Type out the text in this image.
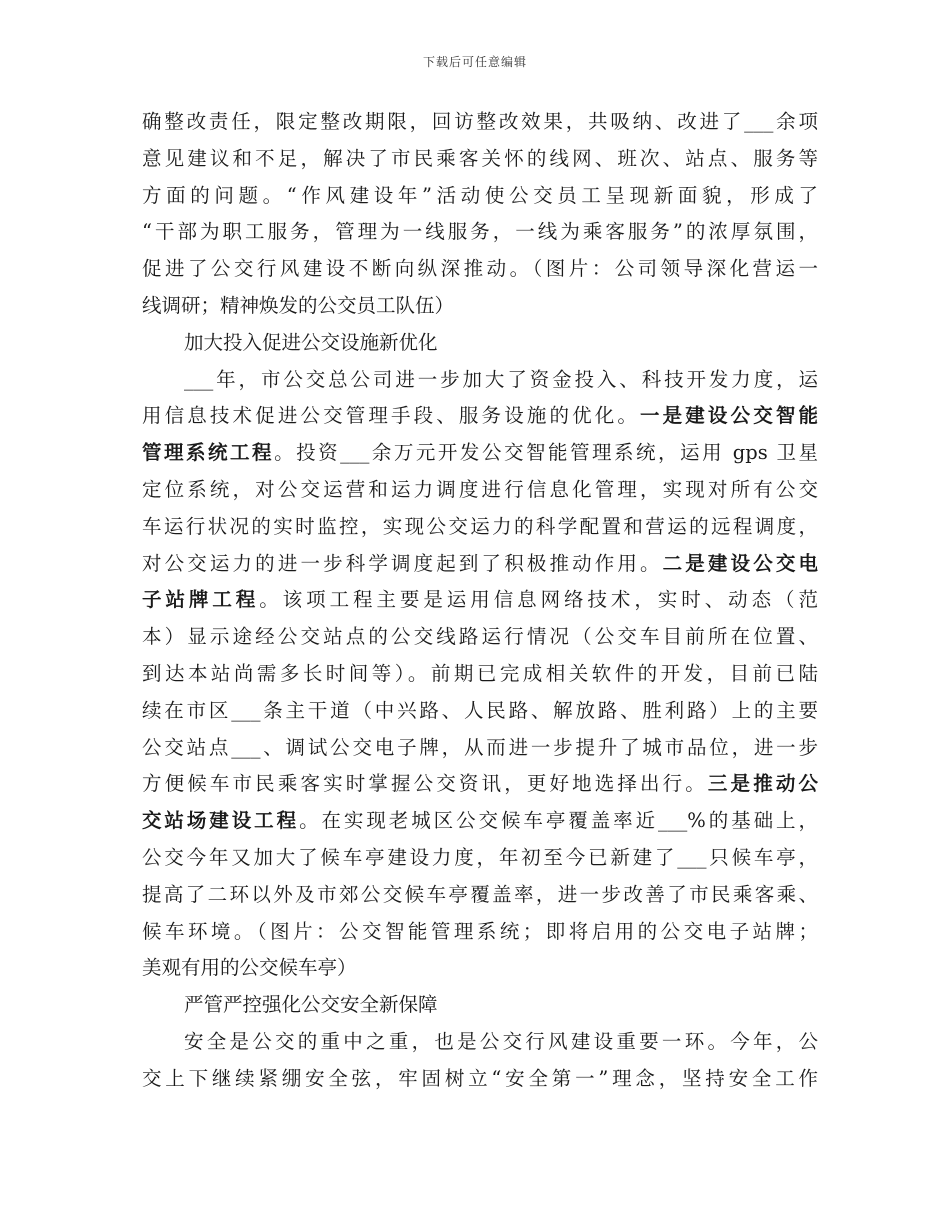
下载后可任意编辑
确整改责任，限定整改期限，回访整改效果，共吸纳、改进了___余项
意见建议和不足，解决了市民乘客关怀的线网、班次、站点、服务等
方面的问题。“作风建设年”活动使公交员工呈现新面貌，形成了
“干部为职工服务，管理为一线服务，一线为乘客服务”的浓厚氛围，
促进了公交行风建设不断向纵深推动。（图片：公司领导深化营运一
线调研；精神焕发的公交员工队伍）
加大投入促进公交设施新优化
___年，市公交总公司进一步加大了资金投入、科技开发力度，运
用信息技术促进公交管理手段、服务设施的优化。一是建设公交智能
管理系统工程。投资___余万元开发公交智能管理系统，运用 gps 卫星
定位系统，对公交运营和运力调度进行信息化管理，实现对所有公交
车运行状况的实时监控，实现公交运力的科学配置和营运的远程调度，
对公交运力的进一步科学调度起到了积极推动作用。二是建设公交电
子站牌工程。该项工程主要是运用信息网络技术，实时、动态（范
本）显示途经公交站点的公交线路运行情况（公交车目前所在位置、
到达本站尚需多长时间等）。前期已完成相关软件的开发，目前已陆
续在市区___条主干道（中兴路、人民路、解放路、胜利路）上的主要
公交站点___、调试公交电子牌，从而进一步提升了城市品位，进一步
方便候车市民乘客实时掌握公交资讯，更好地选择出行。三是推动公
交站场建设工程。在实现老城区公交候车亭覆盖率近___%的基础上，
公交今年又加大了候车亭建设力度，年初至今已新建了___只候车亭，
提高了二环以外及市郊公交候车亭覆盖率，进一步改善了市民乘客乘、
候车环境。（图片：公交智能管理系统；即将启用的公交电子站牌；
美观有用的公交候车亭）
严管严控强化公交安全新保障
安全是公交的重中之重，也是公交行风建设重要一环。今年，公
交上下继续紧绷安全弦，牢固树立“安全第一”理念，坚持安全工作
